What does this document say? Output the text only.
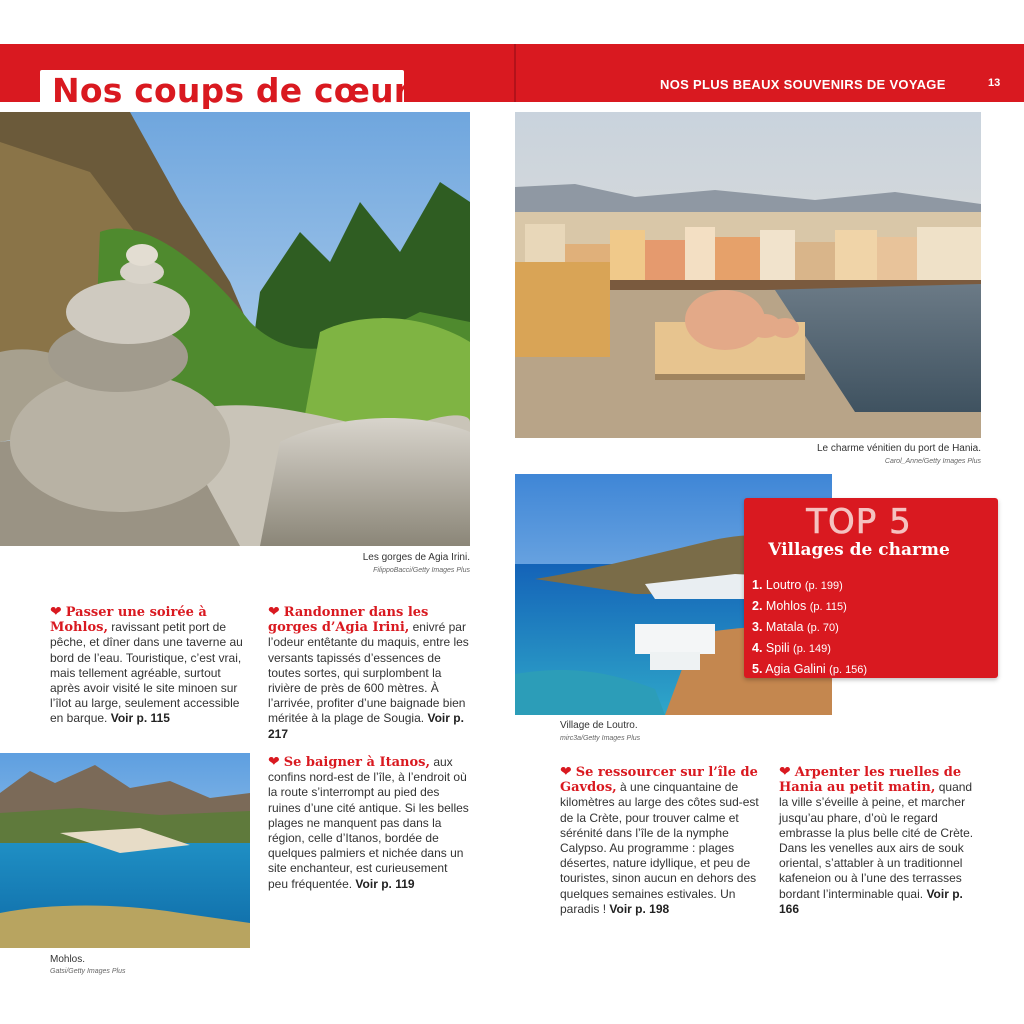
Nos coups de cœur	NOS PLUS BEAUX SOUVENIRS DE VOYAGE	13
Les gorges de Agia Irini.
FilippoBacci/Getty Images Plus
Le charme vénitien du port de Hania.
Carol_Anne/Getty Images Plus
Village de Loutro.
mirc3a/Getty Images Plus
Mohlos.
Gatsi/Getty Images Plus
❤ Passer une soirée à Mohlos, ravissant petit port de pêche, et dîner dans une taverne au bord de l’eau. Touristique, c’est vrai, mais tellement agréable, surtout après avoir visité le site minoen sur l’îlot au large, seulement accessible en barque. Voir p. 115
❤ Randonner dans les gorges d’Agia Irini, enivré par l’odeur entêtante du maquis, entre les versants tapissés d’essences de toutes sortes, qui surplombent la rivière de près de 600 mètres. À l’arrivée, profiter d’une baignade bien méritée à la plage de Sougia. Voir p. 217
❤ Se baigner à Itanos, aux confins nord-est de l’île, à l’endroit où la route s’interrompt au pied des ruines d’une cité antique. Si les belles plages ne manquent pas dans la région, celle d’Itanos, bordée de quelques palmiers et nichée dans un site enchanteur, est curieusement peu fréquentée. Voir p. 119
❤ Se ressourcer sur l’île de Gavdos, à une cinquantaine de kilomètres au large des côtes sud-est de la Crète, pour trouver calme et sérénité dans l’île de la nymphe Calypso. Au programme : plages désertes, nature idyllique, et peu de touristes, sinon aucun en dehors des quelques semaines estivales. Un paradis ! Voir p. 198
❤ Arpenter les ruelles de Hania au petit matin, quand la ville s’éveille à peine, et marcher jusqu’au phare, d’où le regard embrasse la plus belle cité de Crète. Dans les venelles aux airs de souk oriental, s’attabler à un traditionnel kafeneion ou à l’une des terrasses bordant l’interminable quai. Voir p. 166
TOP 5
Villages de charme
1. Loutro (p. 199)
2. Mohlos (p. 115)
3. Matala (p. 70)
4. Spili (p. 149)
5. Agia Galini (p. 156)
